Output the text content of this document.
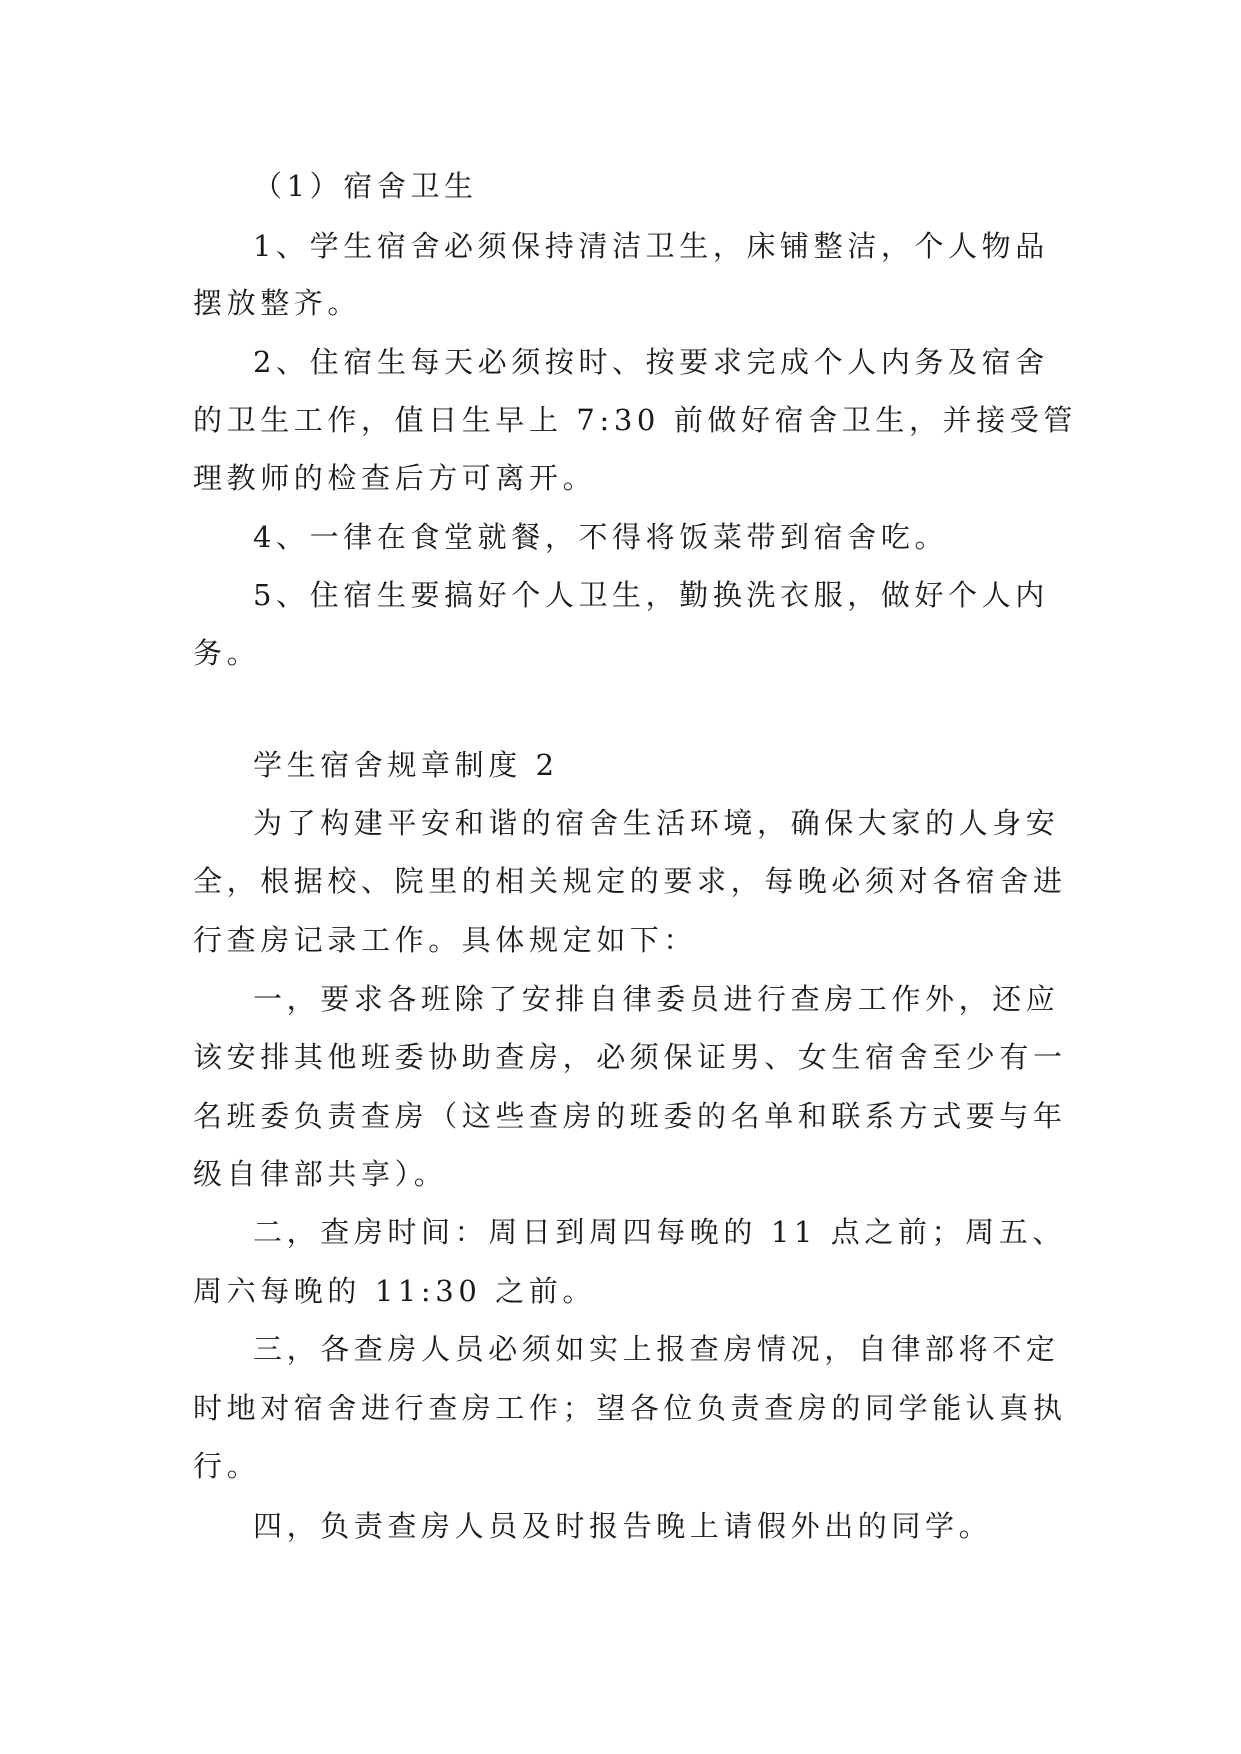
（1）宿舍卫生
1、学生宿舍必须保持清洁卫生，床铺整洁，个人物品
摆放整齐。
2、住宿生每天必须按时、按要求完成个人内务及宿舍
的卫生工作，值日生早上 7:30 前做好宿舍卫生，并接受管
理教师的检查后方可离开。
4、一律在食堂就餐，不得将饭菜带到宿舍吃。
5、住宿生要搞好个人卫生，勤换洗衣服，做好个人内
务。
学生宿舍规章制度 2
为了构建平安和谐的宿舍生活环境，确保大家的人身安
全，根据校、院里的相关规定的要求，每晚必须对各宿舍进
行查房记录工作。具体规定如下：
一，要求各班除了安排自律委员进行查房工作外，还应
该安排其他班委协助查房，必须保证男、女生宿舍至少有一
名班委负责查房（这些查房的班委的名单和联系方式要与年
级自律部共享）。
二，查房时间：周日到周四每晚的 11 点之前；周五、
周六每晚的 11:30 之前。
三，各查房人员必须如实上报查房情况，自律部将不定
时地对宿舍进行查房工作；望各位负责查房的同学能认真执
行。
四，负责查房人员及时报告晚上请假外出的同学。
